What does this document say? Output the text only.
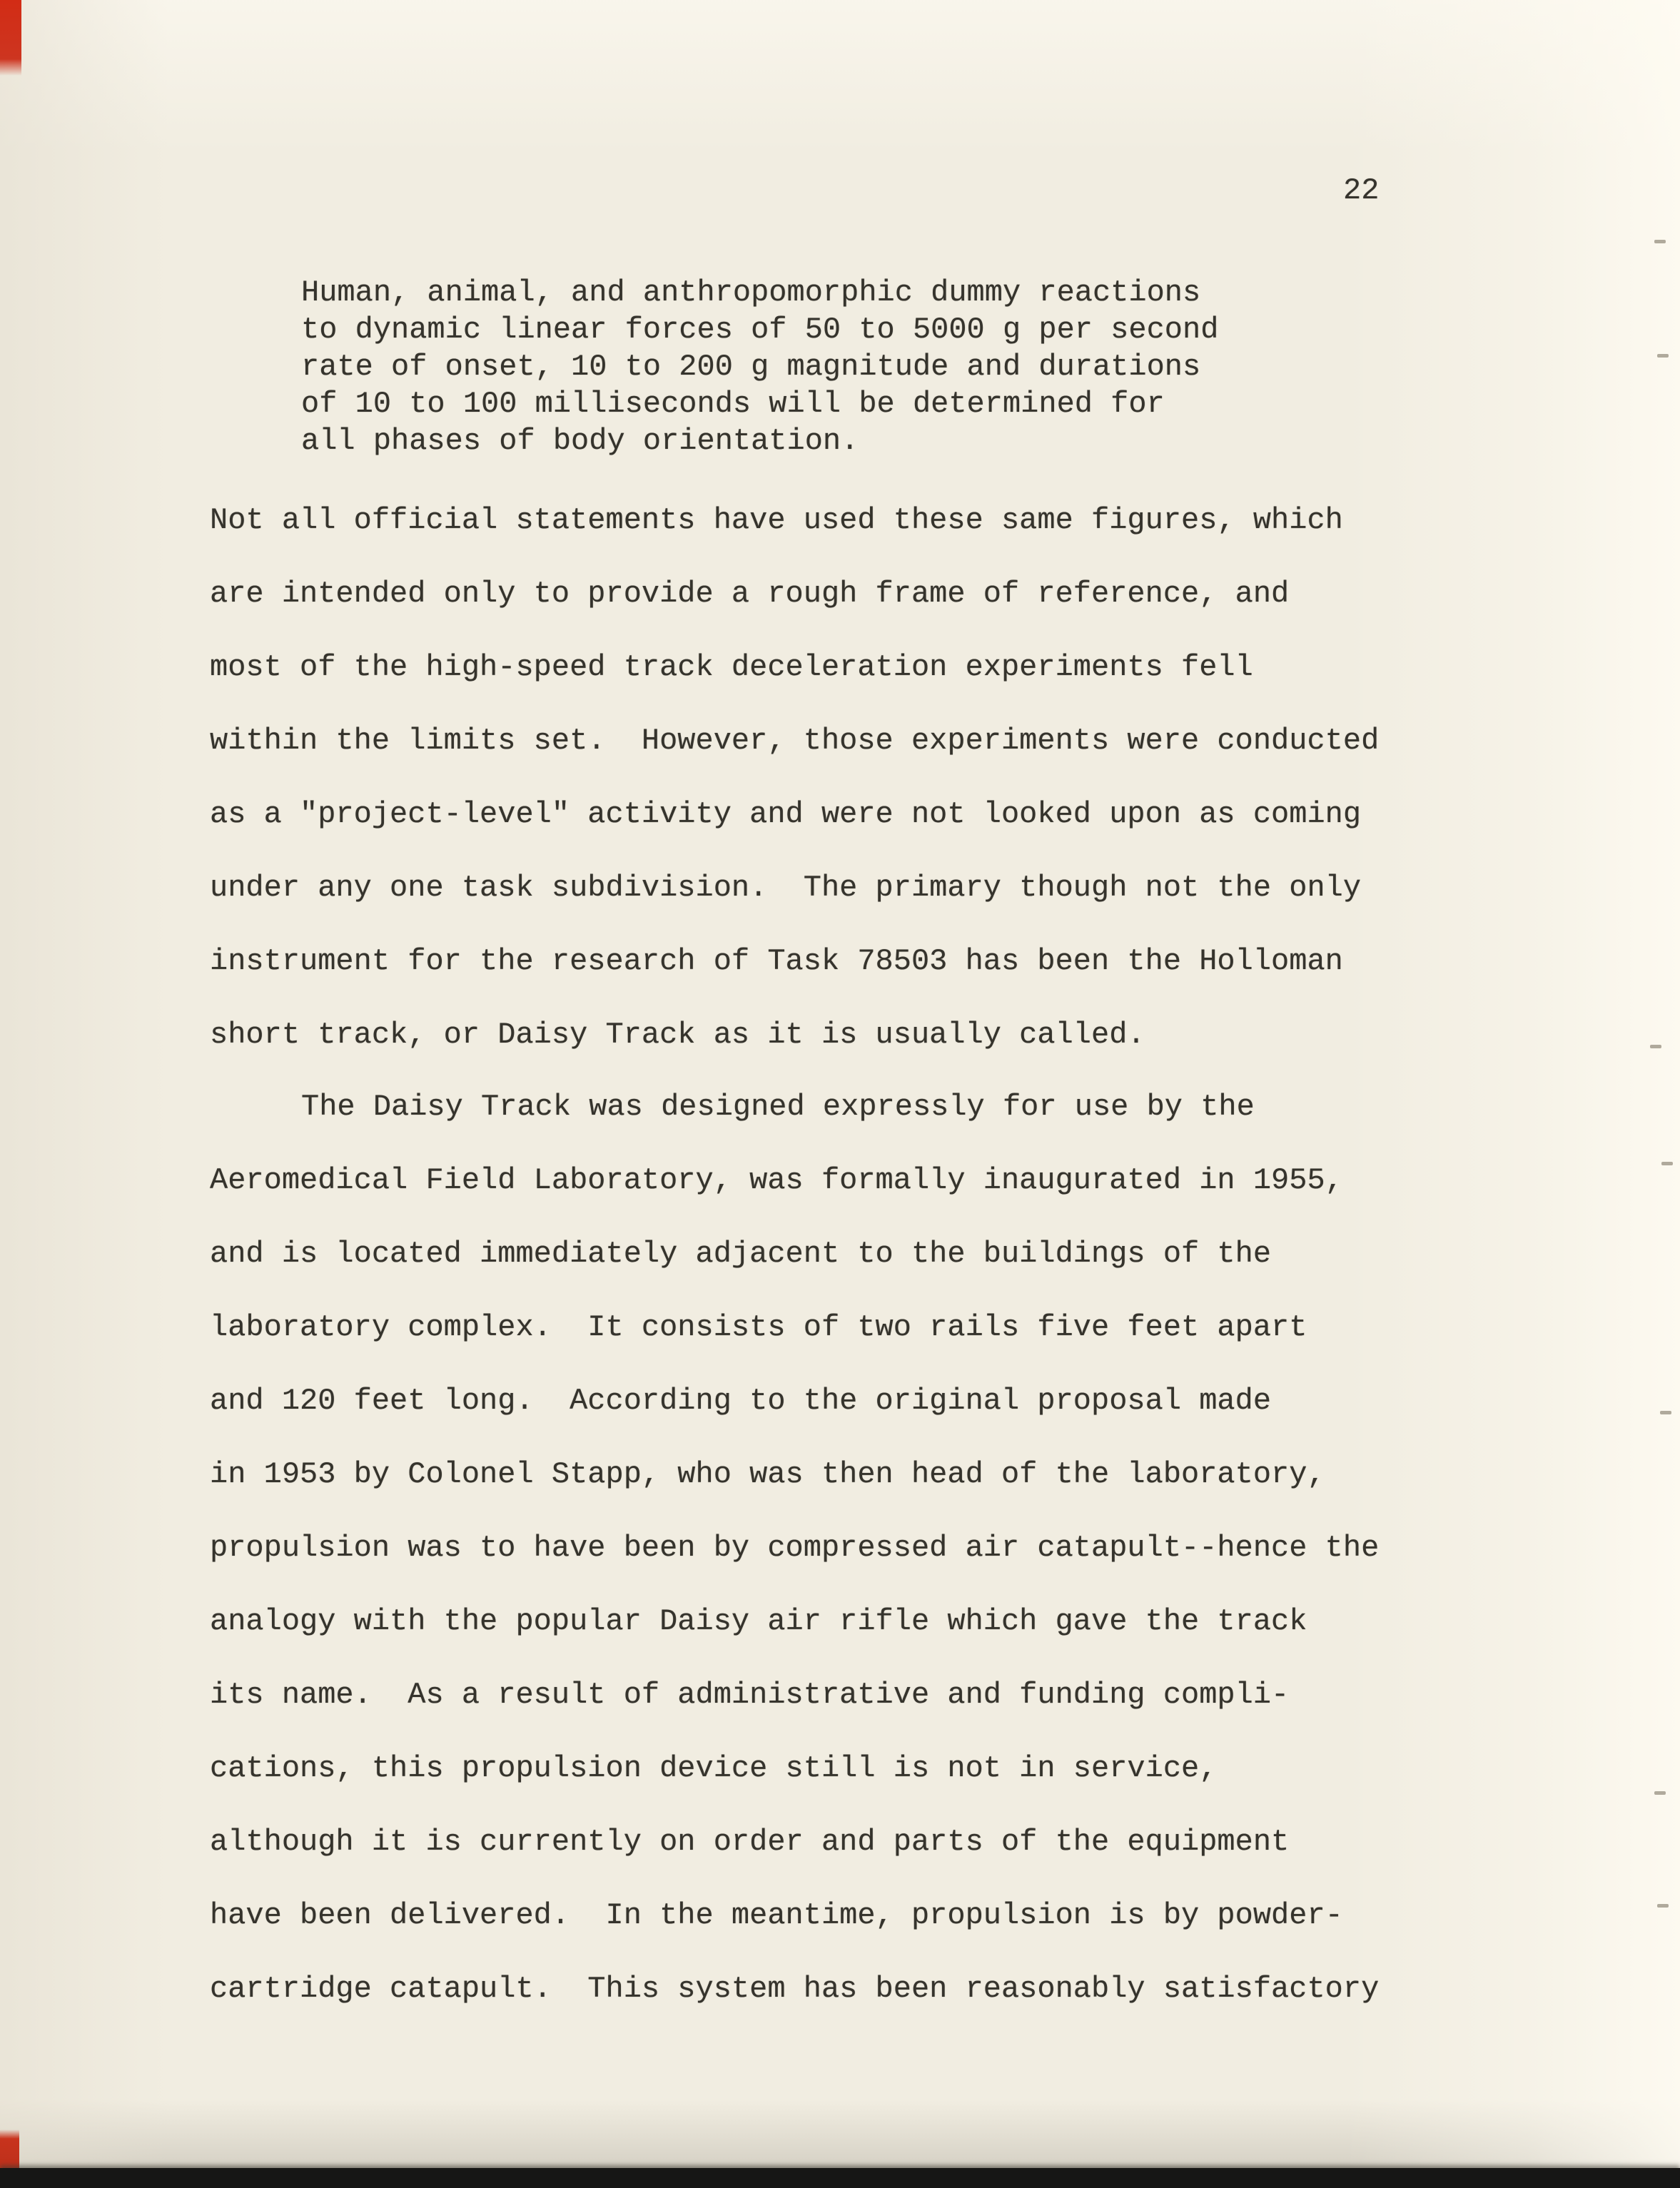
22
Human, animal, and anthropomorphic dummy reactions
to dynamic linear forces of 50 to 5000 g per second
rate of onset, 10 to 200 g magnitude and durations
of 10 to 100 milliseconds will be determined for
all phases of body orientation.
Not all official statements have used these same figures, which
are intended only to provide a rough frame of reference, and
most of the high-speed track deceleration experiments fell
within the limits set.  However, those experiments were conducted
as a "project-level" activity and were not looked upon as coming
under any one task subdivision.  The primary though not the only
instrument for the research of Task 78503 has been the Holloman
short track, or Daisy Track as it is usually called.
The Daisy Track was designed expressly for use by the
Aeromedical Field Laboratory, was formally inaugurated in 1955,
and is located immediately adjacent to the buildings of the
laboratory complex.  It consists of two rails five feet apart
and 120 feet long.  According to the original proposal made
in 1953 by Colonel Stapp, who was then head of the laboratory,
propulsion was to have been by compressed air catapult--hence the
analogy with the popular Daisy air rifle which gave the track
its name.  As a result of administrative and funding compli-
cations, this propulsion device still is not in service,
although it is currently on order and parts of the equipment
have been delivered.  In the meantime, propulsion is by powder-
cartridge catapult.  This system has been reasonably satisfactory
